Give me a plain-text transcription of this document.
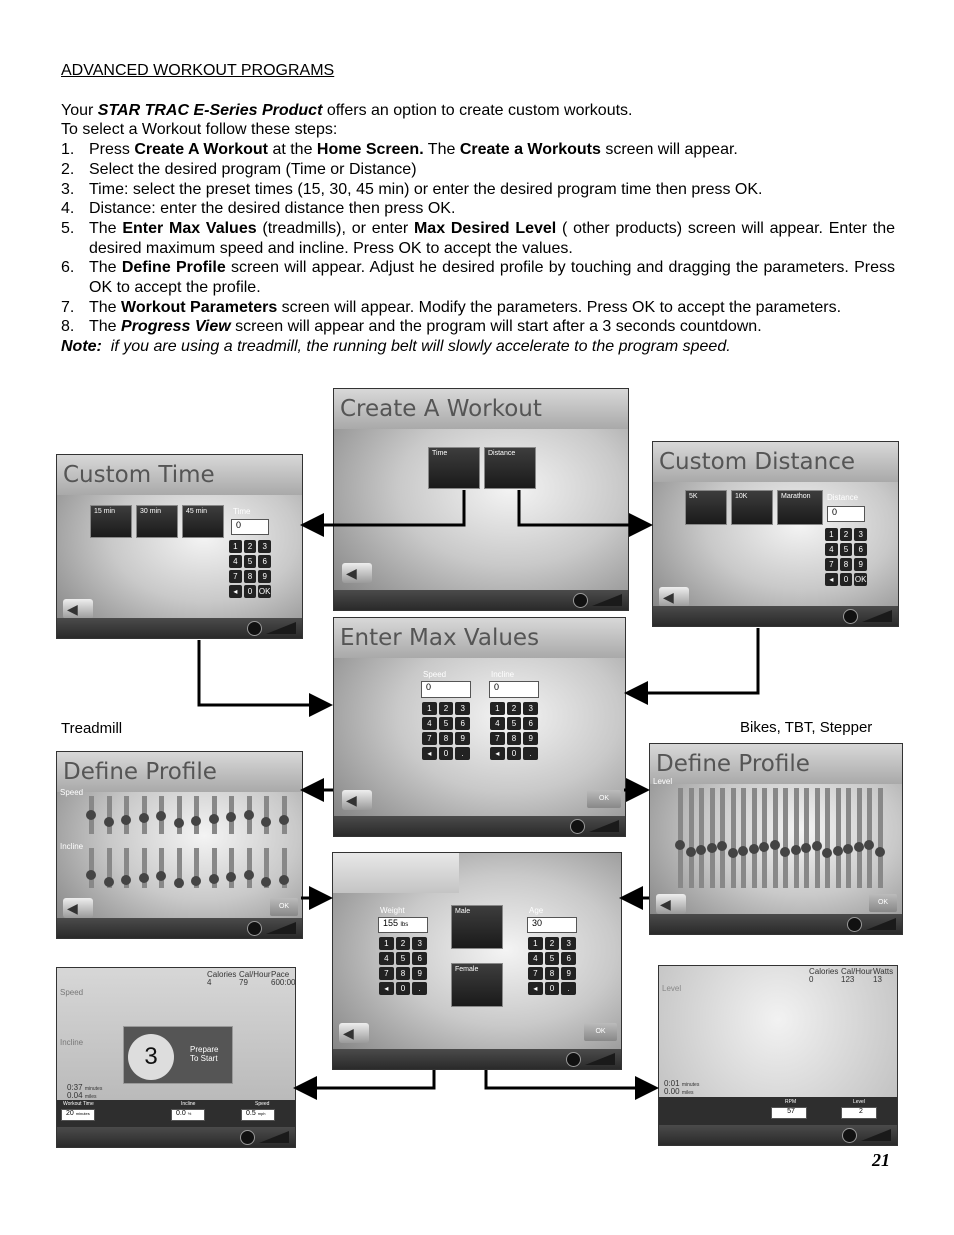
ADVANCED WORKOUT PROGRAMS
Your STAR TRAC E-Series Product offers an option to create custom workouts.
To select a Workout follow these steps:
1. Press Create A Workout at the Home Screen. The Create a Workouts screen will appear.
2. Select the desired program (Time or Distance)
3. Time: select the preset times (15, 30, 45 min) or enter the desired program time then press OK.
4. Distance: enter the desired distance then press OK.
5. The Enter Max Values (treadmills), or enter Max Desired Level ( other products) screen will appear. Enter the desired maximum speed and incline. Press OK to accept the values.
6. The Define Profile screen will appear. Adjust he desired profile by touching and dragging the parameters. Press OK to accept the profile.
7. The Workout Parameters screen will appear. Modify the parameters. Press OK to accept the parameters.
8. The Progress View screen will appear and the program will start after a 3 seconds countdown.
Note: if you are using a treadmill, the running belt will slowly accelerate to the program speed.
Treadmill	Bikes, TBT, Stepper
21
Create A Workout
Time	Distance
◀
Custom Time
15 min	30 min	45 min	Time
0
1	2	3
4	5	6
7	8	9
◂	0 OK
◀
Custom Distance
5K	10K	Marathon	Distance
0
1	2	3
4	5	6
7	8	9
◂	0 OK
◀
Enter Max Values
Speed
0
1	2	3
4	5	6
7	8	9
◂	0	.
Incline
0
1	2	3
4	5	6
7	8	9
◂	0	.
◀	OK
Define Profile
Speed
Incline
◀	OK
Define Profile
Level
◀	OK
Weight
155 lbs
1	2	3
4	5	6
7	8	9
◂	0	.
Male
Female
Age
30
1	2	3
4	5	6
7	8	9
◂	0	.
◀	OK
Calories
4
Cal/Hour
79
Pace
600:00
Speed
Incline
3	Prepare To Start
0:37 minutes
0.04 miles
Workout Time
20 minutes
Incline
0.0 %
Speed
0.5 mph
Calories
0
Cal/Hour
123
Watts
13
Level
0:01 minutes
0.00 miles
RPM
57
Level
2
